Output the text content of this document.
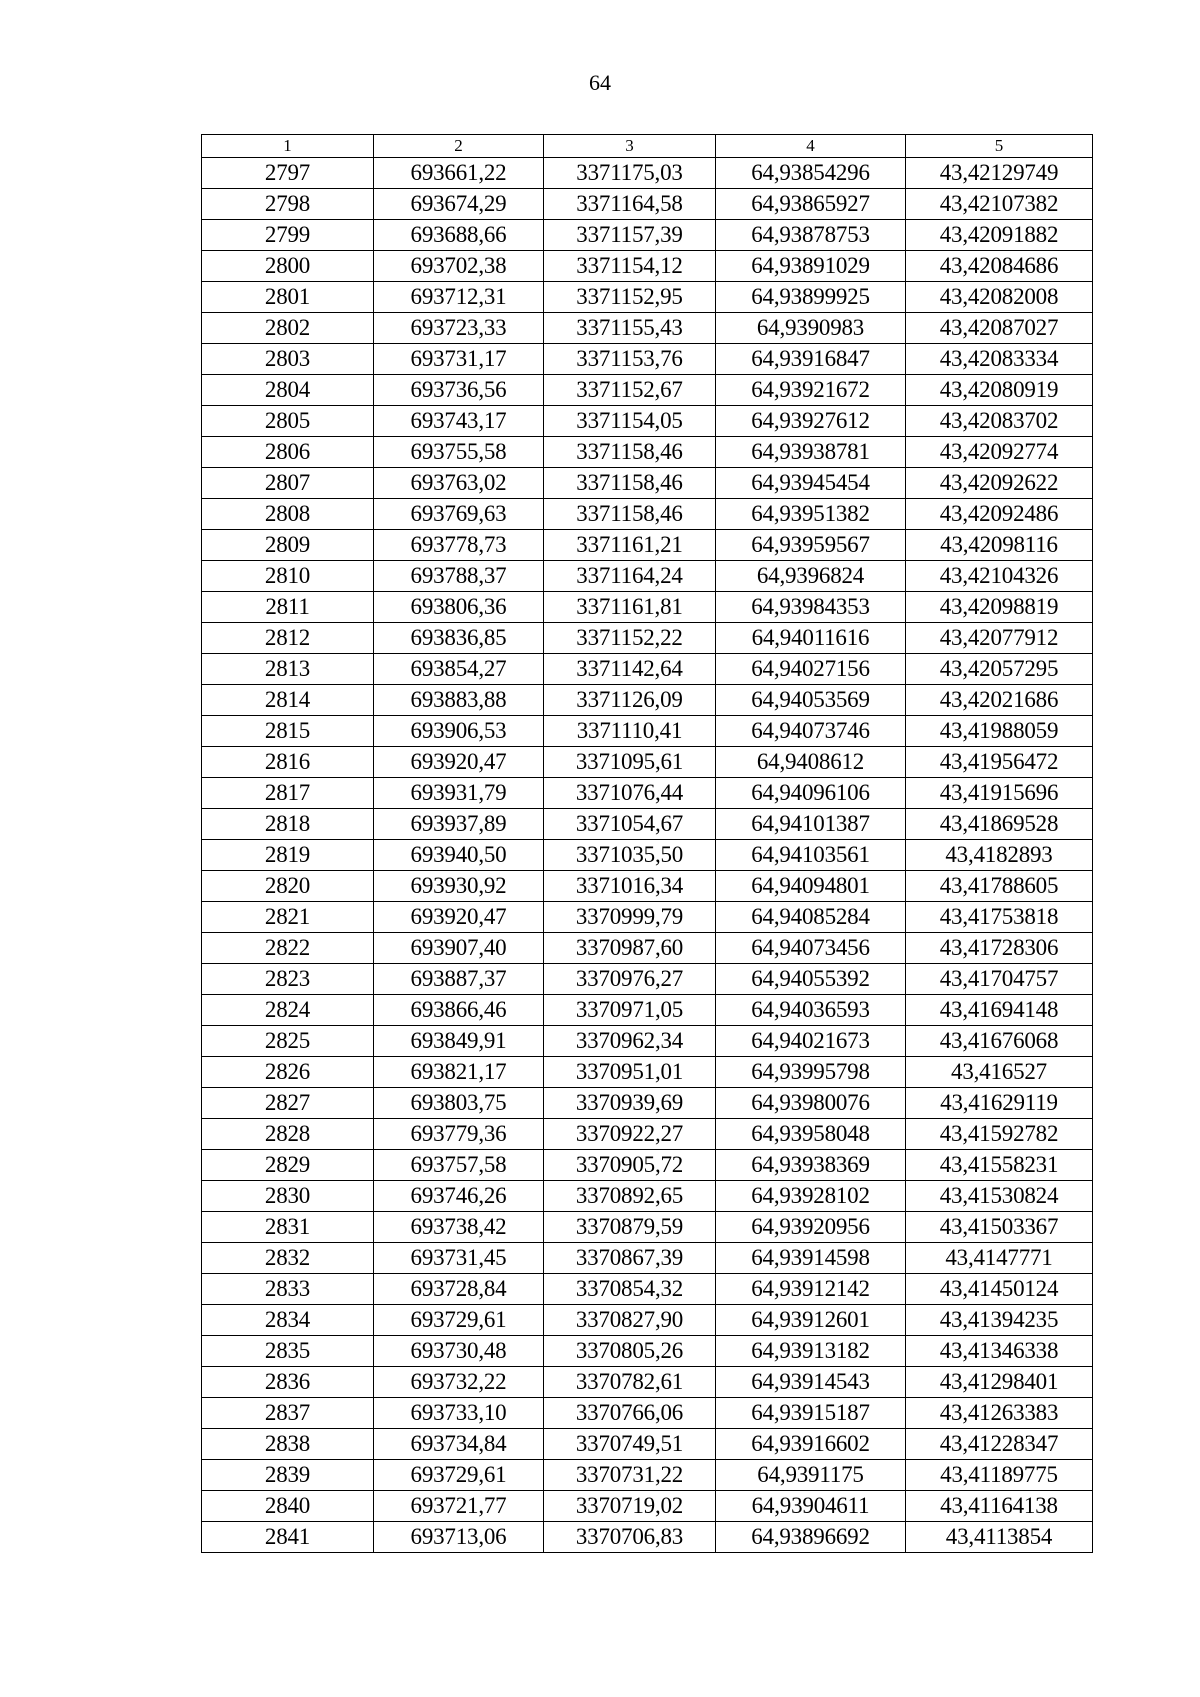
64
1	2	3	4	5
2797	693661,22	3371175,03	64,93854296	43,42129749
2798	693674,29	3371164,58	64,93865927	43,42107382
2799	693688,66	3371157,39	64,93878753	43,42091882
2800	693702,38	3371154,12	64,93891029	43,42084686
2801	693712,31	3371152,95	64,93899925	43,42082008
2802	693723,33	3371155,43	64,9390983	43,42087027
2803	693731,17	3371153,76	64,93916847	43,42083334
2804	693736,56	3371152,67	64,93921672	43,42080919
2805	693743,17	3371154,05	64,93927612	43,42083702
2806	693755,58	3371158,46	64,93938781	43,42092774
2807	693763,02	3371158,46	64,93945454	43,42092622
2808	693769,63	3371158,46	64,93951382	43,42092486
2809	693778,73	3371161,21	64,93959567	43,42098116
2810	693788,37	3371164,24	64,9396824	43,42104326
2811	693806,36	3371161,81	64,93984353	43,42098819
2812	693836,85	3371152,22	64,94011616	43,42077912
2813	693854,27	3371142,64	64,94027156	43,42057295
2814	693883,88	3371126,09	64,94053569	43,42021686
2815	693906,53	3371110,41	64,94073746	43,41988059
2816	693920,47	3371095,61	64,9408612	43,41956472
2817	693931,79	3371076,44	64,94096106	43,41915696
2818	693937,89	3371054,67	64,94101387	43,41869528
2819	693940,50	3371035,50	64,94103561	43,4182893
2820	693930,92	3371016,34	64,94094801	43,41788605
2821	693920,47	3370999,79	64,94085284	43,41753818
2822	693907,40	3370987,60	64,94073456	43,41728306
2823	693887,37	3370976,27	64,94055392	43,41704757
2824	693866,46	3370971,05	64,94036593	43,41694148
2825	693849,91	3370962,34	64,94021673	43,41676068
2826	693821,17	3370951,01	64,93995798	43,416527
2827	693803,75	3370939,69	64,93980076	43,41629119
2828	693779,36	3370922,27	64,93958048	43,41592782
2829	693757,58	3370905,72	64,93938369	43,41558231
2830	693746,26	3370892,65	64,93928102	43,41530824
2831	693738,42	3370879,59	64,93920956	43,41503367
2832	693731,45	3370867,39	64,93914598	43,4147771
2833	693728,84	3370854,32	64,93912142	43,41450124
2834	693729,61	3370827,90	64,93912601	43,41394235
2835	693730,48	3370805,26	64,93913182	43,41346338
2836	693732,22	3370782,61	64,93914543	43,41298401
2837	693733,10	3370766,06	64,93915187	43,41263383
2838	693734,84	3370749,51	64,93916602	43,41228347
2839	693729,61	3370731,22	64,9391175	43,41189775
2840	693721,77	3370719,02	64,93904611	43,41164138
2841	693713,06	3370706,83	64,93896692	43,4113854
